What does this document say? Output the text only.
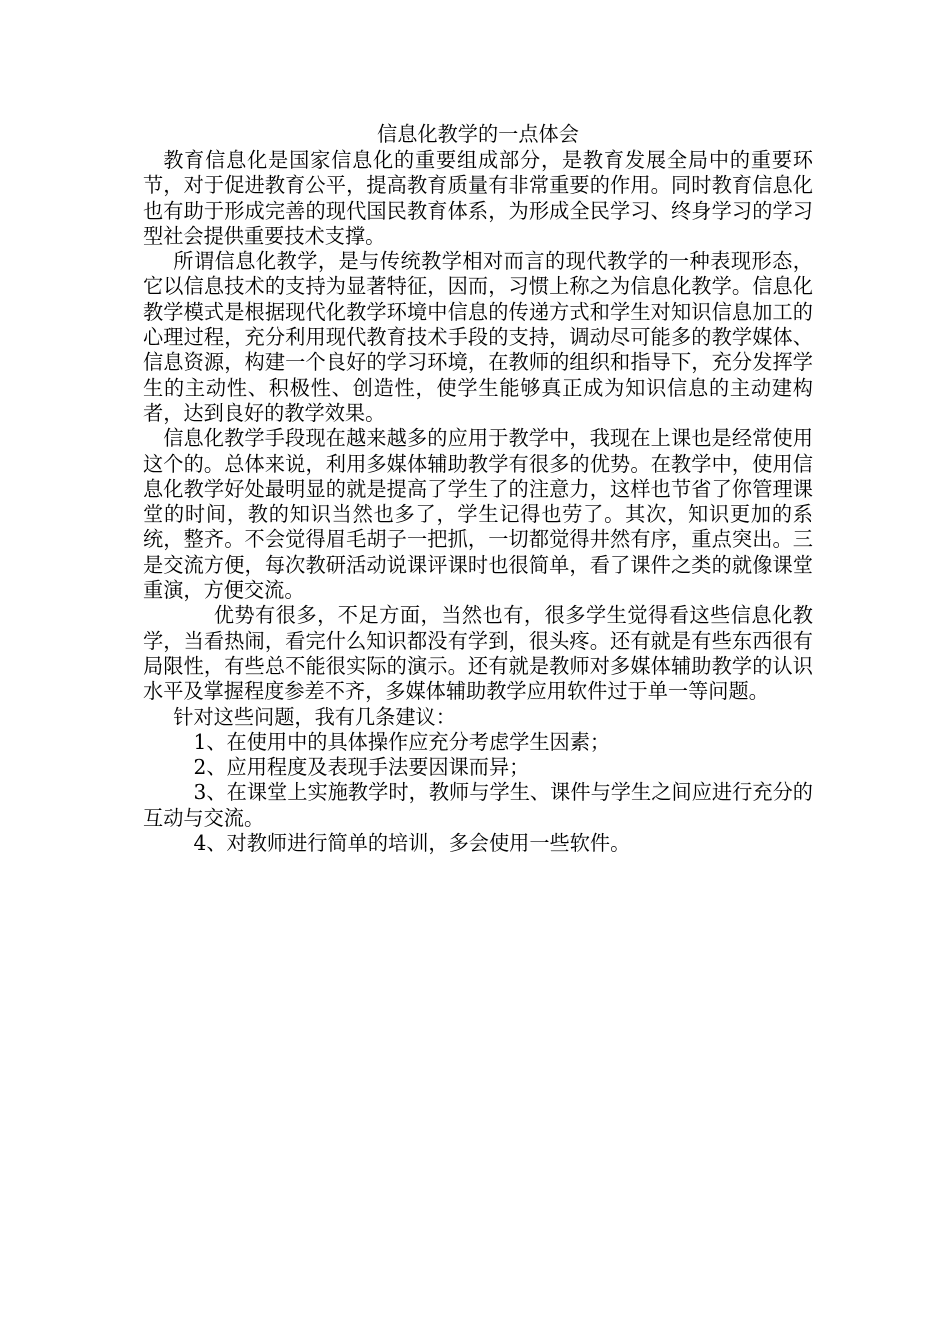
信息化教学的一点体会

教育信息化是国家信息化的重要组成部分，是教育发展全局中的重要环节，对于促进教育公平，提高教育质量有非常重要的作用。同时教育信息化也有助于形成完善的现代国民教育体系，为形成全民学习、终身学习的学习型社会提供重要技术支撑。

所谓信息化教学，是与传统教学相对而言的现代教学的一种表现形态，它以信息技术的支持为显著特征，因而，习惯上称之为信息化教学。信息化教学模式是根据现代化教学环境中信息的传递方式和学生对知识信息加工的心理过程，充分利用现代教育技术手段的支持，调动尽可能多的教学媒体、信息资源，构建一个良好的学习环境，在教师的组织和指导下，充分发挥学生的主动性、积极性、创造性，使学生能够真正成为知识信息的主动建构者，达到良好的教学效果。

信息化教学手段现在越来越多的应用于教学中，我现在上课也是经常使用这个的。总体来说，利用多媒体辅助教学有很多的优势。在教学中，使用信息化教学好处最明显的就是提高了学生了的注意力，这样也节省了你管理课堂的时间，教的知识当然也多了，学生记得也劳了。其次，知识更加的系统，整齐。不会觉得眉毛胡子一把抓，一切都觉得井然有序，重点突出。三是交流方便，每次教研活动说课评课时也很简单，看了课件之类的就像课堂重演，方便交流。

优势有很多，不足方面，当然也有，很多学生觉得看这些信息化教学，当看热闹，看完什么知识都没有学到，很头疼。还有就是有些东西很有局限性，有些总不能很实际的演示。还有就是教师对多媒体辅助教学的认识水平及掌握程度参差不齐，多媒体辅助教学应用软件过于单一等问题。

针对这些问题，我有几条建议：

1、在使用中的具体操作应充分考虑学生因素；

2、应用程度及表现手法要因课而异；

3、在课堂上实施教学时，教师与学生、课件与学生之间应进行充分的互动与交流。

4、对教师进行简单的培训，多会使用一些软件。
